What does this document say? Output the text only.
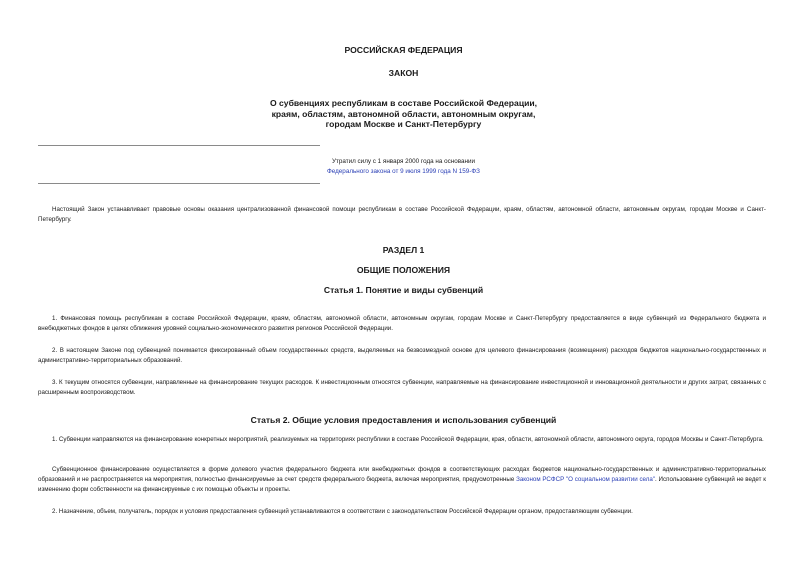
РОССИЙСКАЯ ФЕДЕРАЦИЯ
ЗАКОН
О субвенциях республикам в составе Российской Федерации,
краям, областям, автономной области, автономным округам,
городам Москве и Санкт-Петербургу
Утратил силу с 1 января 2000 года на основании
Федерального закона от 9 июля 1999 года N 159-ФЗ
Настоящий Закон устанавливает правовые основы оказания централизованной финансовой помощи республикам в составе Российской Федерации, краям, областям, автономной области, автономным округам, городам Москве и Санкт-Петербургу.
РАЗДЕЛ 1
ОБЩИЕ ПОЛОЖЕНИЯ
Статья 1. Понятие и виды субвенций
1. Финансовая помощь республикам в составе Российской Федерации, краям, областям, автономной области, автономным округам, городам Москве и Санкт-Петербургу предоставляется в виде субвенций из Федерального бюджета и внебюджетных фондов в целях сближения уровней социально-экономического развития регионов Российской Федерации.
2. В настоящем Законе под субвенцией понимается фиксированный объем государственных средств, выделяемых на безвозмездной основе для целевого финансирования (возмещения) расходов бюджетов национально-государственных и административно-территориальных образований.
3. К текущим относятся субвенции, направленные на финансирование текущих расходов. К инвестиционным относятся субвенции, направляемые на финансирование инвестиционной и инновационной деятельности и других затрат, связанных с расширенным воспроизводством.
Статья 2. Общие условия предоставления и использования субвенций
1. Субвенции направляются на финансирование конкретных мероприятий, реализуемых на территориях республики в составе Российской Федерации, края, области, автономной области, автономного округа, городов Москвы и Санкт-Петербурга.
Субвенционное финансирование осуществляется в форме долевого участия федерального бюджета или внебюджетных фондов в соответствующих расходах бюджетов национально-государственных и административно-территориальных образований и не распространяется на мероприятия, полностью финансируемые за счет средств федерального бюджета, включая мероприятия, предусмотренные Законом РСФСР "О социальном развитии села". Использование субвенций не ведет к изменению форм собственности на финансируемые с их помощью объекты и проекты.
2. Назначение, объем, получатель, порядок и условия предоставления субвенций устанавливаются в соответствии с законодательством Российской Федерации органом, предоставляющим субвенции.
